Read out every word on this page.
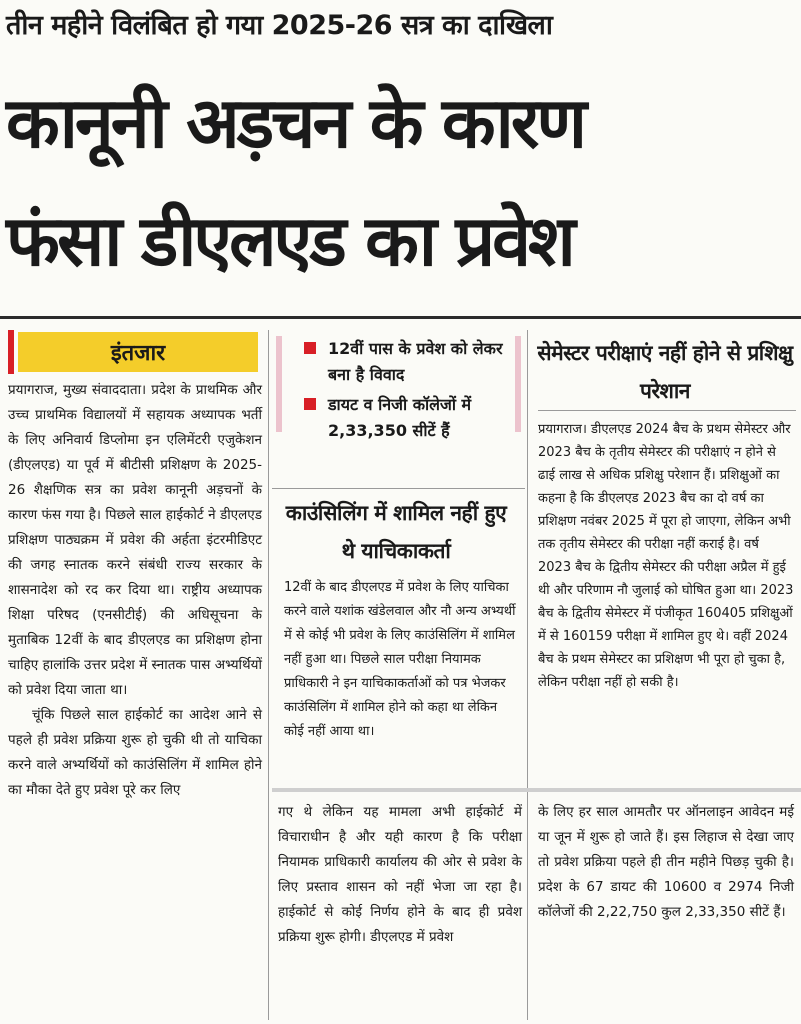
तीन महीने विलंबित हो गया 2025-26 सत्र का दाखिला
कानूनी अड़चन के कारण
फंसा डीएलएड का प्रवेश
इंतजार

प्रयागराज, मुख्य संवाददाता। प्रदेश के प्राथमिक और उच्च प्राथमिक विद्यालयों में सहायक अध्यापक भर्ती के लिए अनिवार्य डिप्लोमा इन एलिमेंटरी एजुकेशन (डीएलएड) या पूर्व में बीटीसी प्रशिक्षण के 2025-26 शैक्षणिक सत्र का प्रवेश कानूनी अड़चनों के कारण फंस गया है। पिछले साल हाईकोर्ट ने डीएलएड प्रशिक्षण पाठ्यक्रम में प्रवेश की अर्हता इंटरमीडिएट की जगह स्नातक करने संबंधी राज्य सरकार के शासनादेश को रद कर दिया था। राष्ट्रीय अध्यापक शिक्षा परिषद (एनसीटीई) की अधिसूचना के मुताबिक 12वीं के बाद डीएलएड का प्रशिक्षण होना चाहिए हालांकि उत्तर प्रदेश में स्नातक पास अभ्यर्थियों को प्रवेश दिया जाता था।

चूंकि पिछले साल हाईकोर्ट का आदेश आने से पहले ही प्रवेश प्रक्रिया शुरू हो चुकी थी तो याचिका करने वाले अभ्यर्थियों को काउंसिलिंग में शामिल होने का मौका देते हुए प्रवेश पूरे कर लिए

12वीं पास के प्रवेश को लेकर बना है विवाद
डायट व निजी कॉलेजों में 2,33,350 सीटें हैं
काउंसिलिंग में शामिल नहीं हुए थे याचिकाकर्ता
12वीं के बाद डीएलएड में प्रवेश के लिए याचिका करने वाले यशांक खंडेलवाल और नौ अन्य अभ्यर्थी में से कोई भी प्रवेश के लिए काउंसिलिंग में शामिल नहीं हुआ था। पिछले साल परीक्षा नियामक प्राधिकारी ने इन याचिकाकर्ताओं को पत्र भेजकर काउंसिलिंग में शामिल होने को कहा था लेकिन कोई नहीं आया था।
सेमेस्टर परीक्षाएं नहीं होने से प्रशिक्षु परेशान
प्रयागराज। डीएलएड 2024 बैच के प्रथम सेमेस्टर और 2023 बैच के तृतीय सेमेस्टर की परीक्षाएं न होने से ढाई लाख से अधिक प्रशिक्षु परेशान हैं। प्रशिक्षुओं का कहना है कि डीएलएड 2023 बैच का दो वर्ष का प्रशिक्षण नवंबर 2025 में पूरा हो जाएगा, लेकिन अभी तक तृतीय सेमेस्टर की परीक्षा नहीं कराई है। वर्ष 2023 बैच के द्वितीय सेमेस्टर की परीक्षा अप्रैल में हुई थी और परिणाम नौ जुलाई को घोषित हुआ था। 2023 बैच के द्वितीय सेमेस्टर में पंजीकृत 160405 प्रशिक्षुओं में से 160159 परीक्षा में शामिल हुए थे। वहीं 2024 बैच के प्रथम सेमेस्टर का प्रशिक्षण भी पूरा हो चुका है, लेकिन परीक्षा नहीं हो सकी है।
गए थे लेकिन यह मामला अभी हाईकोर्ट में विचाराधीन है और यही कारण है कि परीक्षा नियामक प्राधिकारी कार्यालय की ओर से प्रवेश के लिए प्रस्ताव शासन को नहीं भेजा जा रहा है। हाईकोर्ट से कोई निर्णय होने के बाद ही प्रवेश प्रक्रिया शुरू होगी। डीएलएड में प्रवेश
के लिए हर साल आमतौर पर ऑनलाइन आवेदन मई या जून में शुरू हो जाते हैं। इस लिहाज से देखा जाए तो प्रवेश प्रक्रिया पहले ही तीन महीने पिछड़ चुकी है। प्रदेश के 67 डायट की 10600 व 2974 निजी कॉलेजों की 2,22,750 कुल 2,33,350 सीटें हैं।
